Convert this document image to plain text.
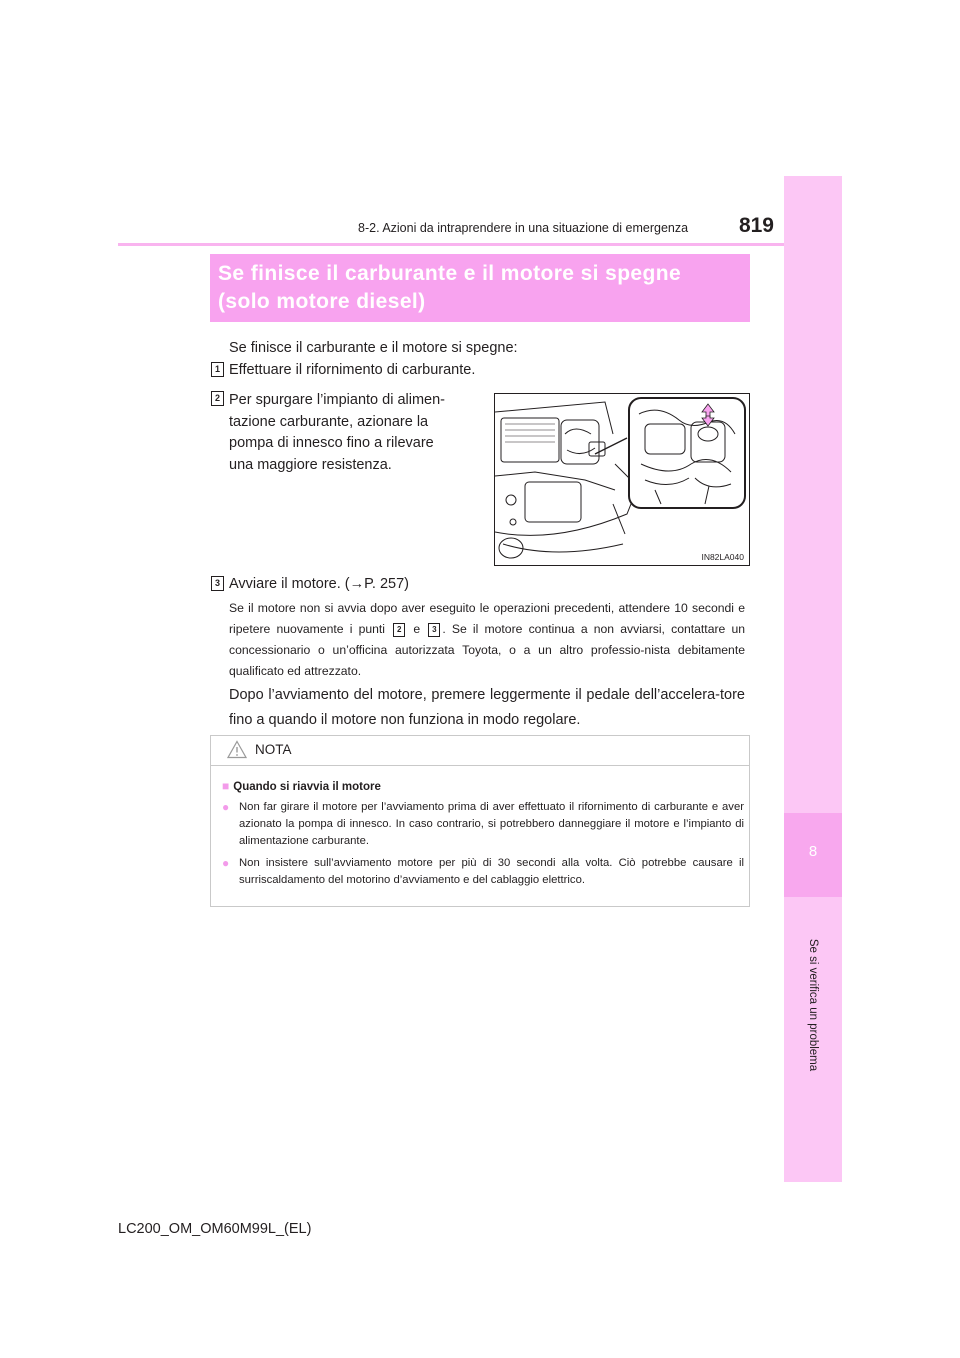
8
Se si verifica un problema
8-2. Azioni da intraprendere in una situazione di emergenza	819
Se finisce il carburante e il motore si spegne
(solo motore diesel)
Se finisce il carburante e il motore si spegne:
1 Effettuare il rifornimento di carburante.
2 Per spurgare l’impianto di alimen-
tazione carburante, azionare la
pompa di innesco fino a rilevare
una maggiore resistenza.
IN82LA040
3 Avviare il motore. (→P. 257)
Se il motore non si avvia dopo aver eseguito le operazioni precedenti, attendere 10 secondi e ripetere nuovamente i punti 2 e 3 . Se il motore continua a non avviarsi, contattare un concessionario o un’officina autorizzata Toyota, o a un altro professio-nista debitamente qualificato ed attrezzato.
Dopo l’avviamento del motore, premere leggermente il pedale dell’accelera-tore fino a quando il motore non funziona in modo regolare.
NOTA
■ Quando si riavvia il motore
● Non far girare il motore per l’avviamento prima di aver effettuato il rifornimento di carburante e aver azionato la pompa di innesco. In caso contrario, si potrebbero danneggiare il motore e l’impianto di alimentazione carburante.
● Non insistere sull’avviamento motore per più di 30 secondi alla volta. Ciò potrebbe causare il surriscaldamento del motorino d’avviamento e del cablaggio elettrico.
LC200_OM_OM60M99L_(EL)
